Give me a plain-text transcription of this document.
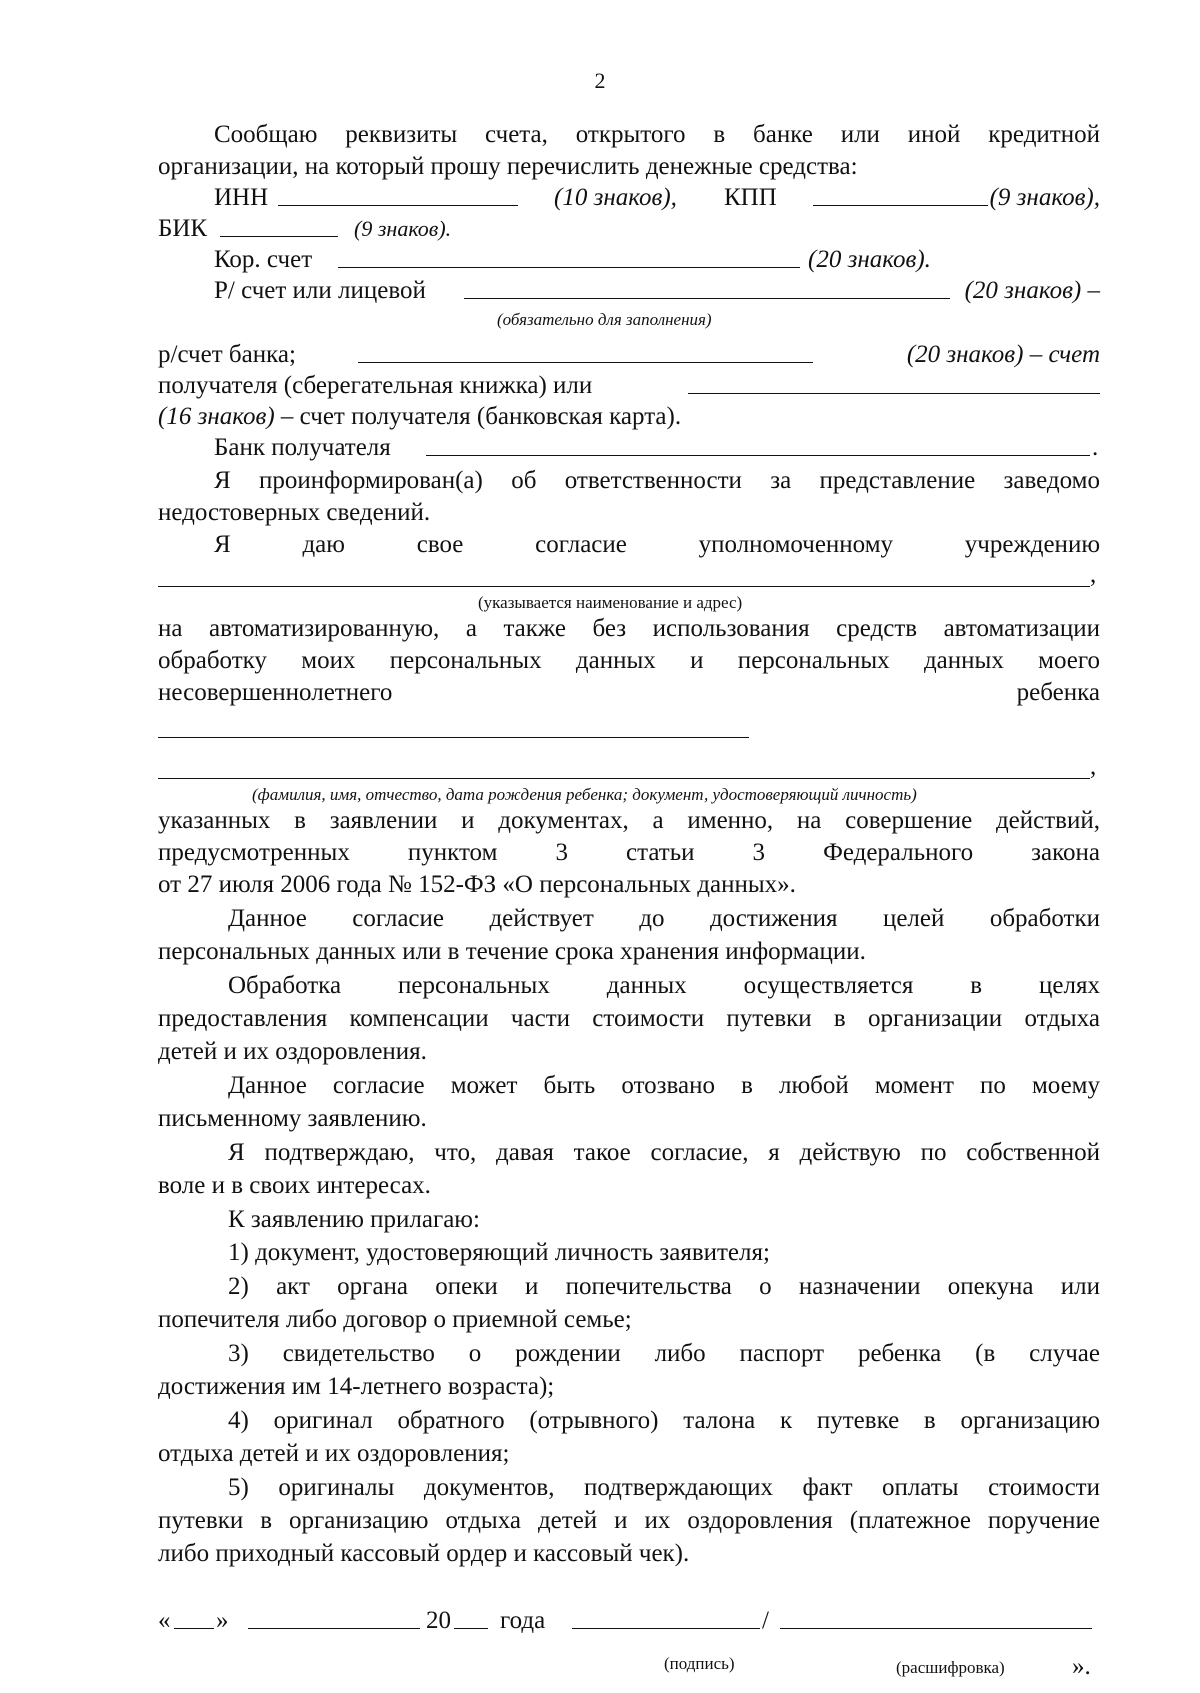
2
Сообщаю реквизиты счета, открытого в банке или иной кредитной
организации, на который прошу перечислить денежные средства:
ИНН	(10 знаков), КПП	(9 знаков),
БИК	(9 знаков).
Кор. счет	(20 знаков).
Р/ счет или лицевой	(20 знаков) –
(обязательно для заполнения)
р/счет банка;	(20 знаков) – счет
получателя (сберегательная книжка) или
(16 знаков) – счет получателя (банковская карта).
Банк получателя	.
Я проинформирован(а) об ответственности за представление заведомо
недостоверных сведений.
Я даю свое согласие уполномоченному учреждению
,
(указывается наименование и адрес)
на автоматизированную, а также без использования средств автоматизации
обработку моих персональных данных и персональных данных моего
несовершеннолетнего	ребенка
,
(фамилия, имя, отчество, дата рождения ребенка; документ, удостоверяющий личность)
указанных в заявлении и документах, а именно, на совершение действий,
предусмотренных пунктом 3 статьи 3 Федерального закона
от 27 июля 2006 года № 152-ФЗ «О персональных данных».
Данное согласие действует до достижения целей обработки
персональных данных или в течение срока хранения информации.
Обработка персональных данных осуществляется в целях
предоставления компенсации части стоимости путевки в организации отдыха
детей и их оздоровления.
Данное согласие может быть отозвано в любой момент по моему
письменному заявлению.
Я подтверждаю, что, давая такое согласие, я действую по собственной
воле и в своих интересах.
К заявлению прилагаю:
1) документ, удостоверяющий личность заявителя;
2) акт органа опеки и попечительства о назначении опекуна или
попечителя либо договор о приемной семье;
3) свидетельство о рождении либо паспорт ребенка (в случае
достижения им 14-летнего возраста);
4) оригинал обратного (отрывного) талона к путевке в организацию
отдыха детей и их оздоровления;
5) оригиналы документов, подтверждающих факт оплаты стоимости
путевки в организацию отдыха детей и их оздоровления (платежное поручение
либо приходный кассовый ордер и кассовый чек).
« »	20 года	/
(подпись)	(расшифровка)	».
